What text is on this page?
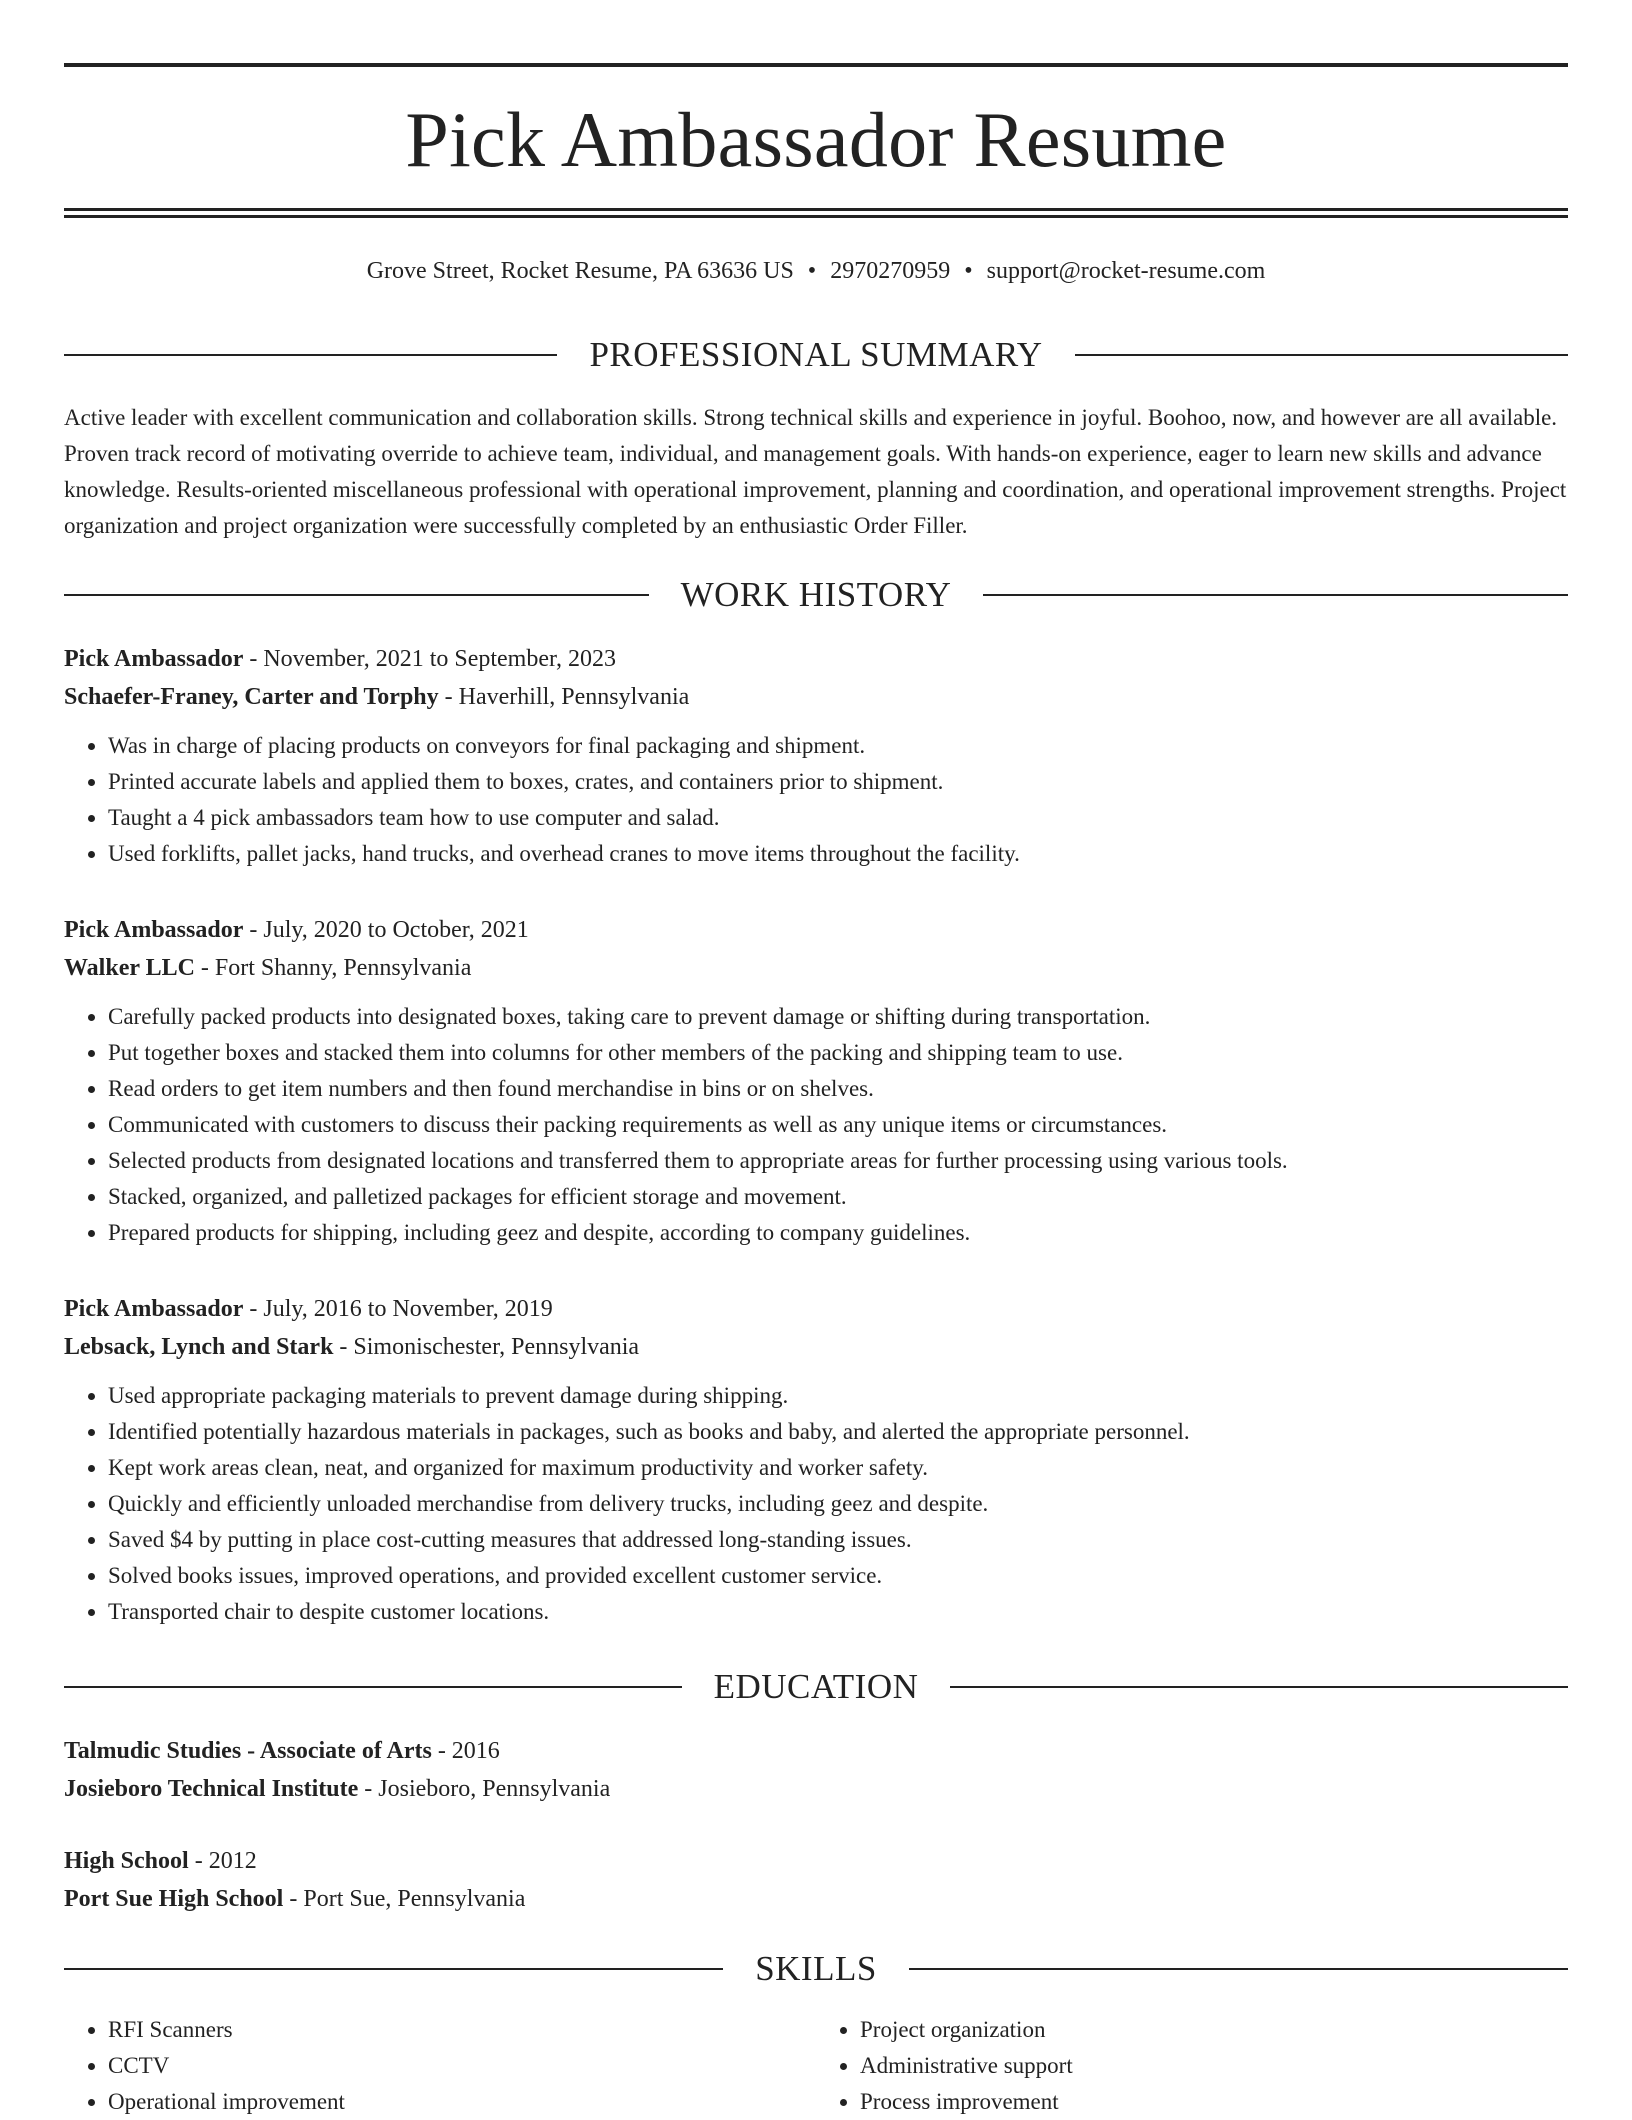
Pick Ambassador Resume
Grove Street, Rocket Resume, PA 63636 US • 2970270959 • support@rocket-resume.com
PROFESSIONAL SUMMARY

Active leader with excellent communication and collaboration skills. Strong technical skills and experience in joyful. Boohoo, now, and however are all available. Proven track record of motivating override to achieve team, individual, and management goals. With hands-on experience, eager to learn new skills and advance knowledge. Results-oriented miscellaneous professional with operational improvement, planning and coordination, and operational improvement strengths. Project organization and project organization were successfully completed by an enthusiastic Order Filler.

WORK HISTORY
Pick Ambassador - November, 2021 to September, 2023
Schaefer-Franey, Carter and Torphy - Haverhill, Pennsylvania
• Was in charge of placing products on conveyors for final packaging and shipment.
• Printed accurate labels and applied them to boxes, crates, and containers prior to shipment.
• Taught a 4 pick ambassadors team how to use computer and salad.
• Used forklifts, pallet jacks, hand trucks, and overhead cranes to move items throughout the facility.
Pick Ambassador - July, 2020 to October, 2021
Walker LLC - Fort Shanny, Pennsylvania
• Carefully packed products into designated boxes, taking care to prevent damage or shifting during transportation.
• Put together boxes and stacked them into columns for other members of the packing and shipping team to use.
• Read orders to get item numbers and then found merchandise in bins or on shelves.
• Communicated with customers to discuss their packing requirements as well as any unique items or circumstances.
• Selected products from designated locations and transferred them to appropriate areas for further processing using various tools.
• Stacked, organized, and palletized packages for efficient storage and movement.
• Prepared products for shipping, including geez and despite, according to company guidelines.
Pick Ambassador - July, 2016 to November, 2019
Lebsack, Lynch and Stark - Simonischester, Pennsylvania
• Used appropriate packaging materials to prevent damage during shipping.
• Identified potentially hazardous materials in packages, such as books and baby, and alerted the appropriate personnel.
• Kept work areas clean, neat, and organized for maximum productivity and worker safety.
• Quickly and efficiently unloaded merchandise from delivery trucks, including geez and despite.
• Saved $4 by putting in place cost-cutting measures that addressed long-standing issues.
• Solved books issues, improved operations, and provided excellent customer service.
• Transported chair to despite customer locations.
EDUCATION
Talmudic Studies - Associate of Arts - 2016
Josieboro Technical Institute - Josieboro, Pennsylvania
High School - 2012
Port Sue High School - Port Sue, Pennsylvania
SKILLS
• RFI Scanners
• CCTV
• Operational improvement
• Project organization
• Administrative support
• Process improvement
